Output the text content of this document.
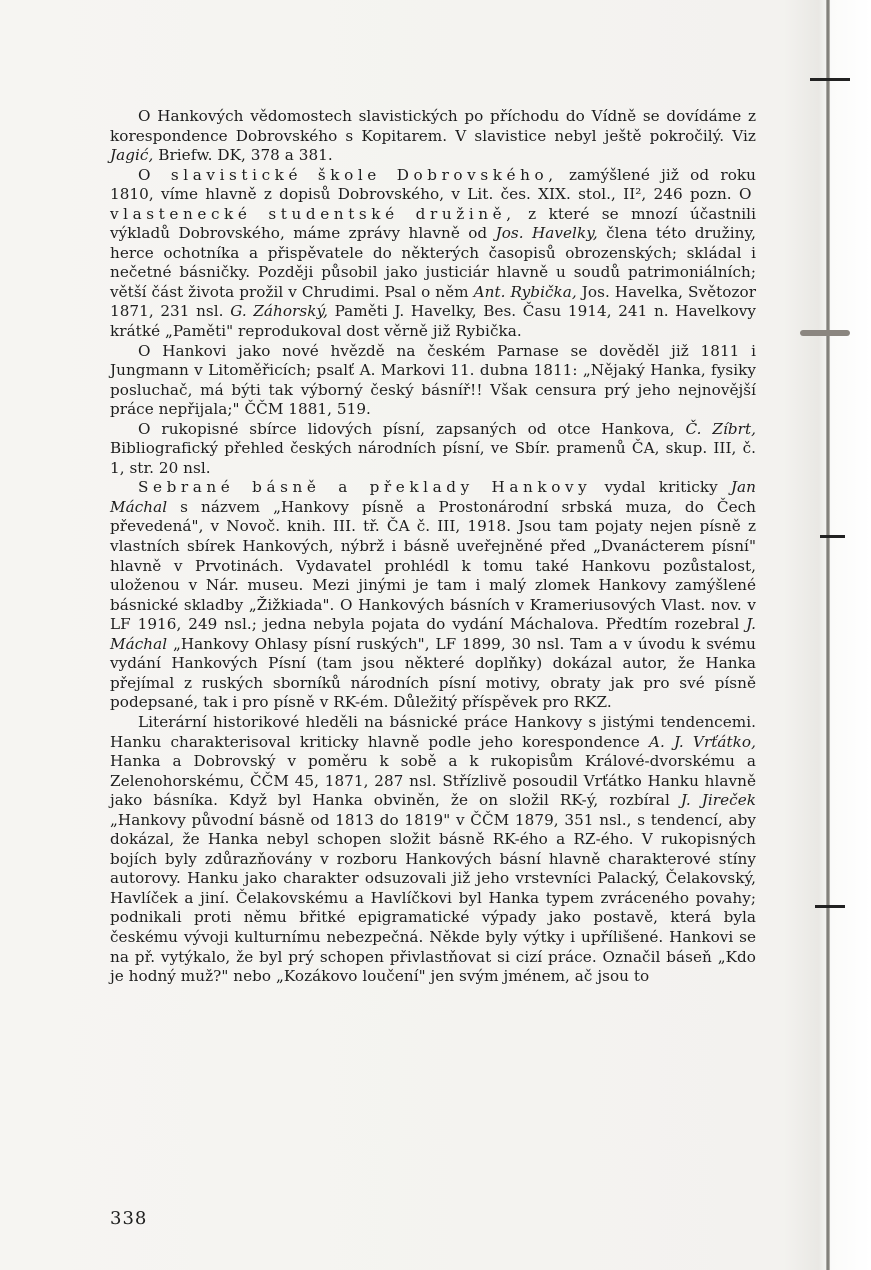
O Hankových vědomostech slavistických po příchodu do Vídně se dovídáme z korespondence Dobrovského s Kopitarem. V slavistice nebyl ještě pokročilý. Viz Jagić, Briefw. DK, 378 a 381.

O slavistické škole Dobrovského, zamýšlené již od roku 1810, víme hlavně z dopisů Dobrovského, v Lit. čes. XIX. stol., II², 246 pozn. O vlastenecké studentské družině, z které se mnozí účastnili výkladů Dobrovského, máme zprávy hlavně od Jos. Havelky, člena této družiny, herce ochotníka a přispěvatele do některých časopisů obrozenských; skládal i nečetné básničky. Později působil jako justiciár hlavně u soudů patrimoniálních; větší část života prožil v Chrudimi. Psal o něm Ant. Rybička, Jos. Havelka, Světozor 1871, 231 nsl. G. Záhorský, Paměti J. Havelky, Bes. Času 1914, 241 n. Havelkovy krátké „Paměti" reprodukoval dost věrně již Rybička.

O Hankovi jako nové hvězdě na českém Parnase se dověděl již 1811 i Jungmann v Litoměřicích; psalť A. Markovi 11. dubna 1811: „Nějaký Hanka, fysiky posluchač, má býti tak výborný český básníř!! Však censura prý jeho nejnovější práce nepřijala;" ČČM 1881, 519.

O rukopisné sbírce lidových písní, zapsaných od otce Hankova, Č. Zíbrt, Bibliografický přehled českých národních písní, ve Sbír. pramenů ČA, skup. III, č. 1, str. 20 nsl.

Sebrané básně a překlady Hankovy vydal kriticky Jan Máchal s názvem „Hankovy písně a Prostonárodní srbská muza, do Čech převedená", v Novoč. knih. III. tř. ČA č. III, 1918. Jsou tam pojaty nejen písně z vlastních sbírek Hankových, nýbrž i básně uveřejněné před „Dvanácterem písní" hlavně v Prvotinách. Vydavatel prohlédl k tomu také Hankovu pozůstalost, uloženou v Nár. museu. Mezi jinými je tam i malý zlomek Hankovy zamýšlené básnické skladby „Žižkiada". O Hankových básních v Krameriusových Vlast. nov. v LF 1916, 249 nsl.; jedna nebyla pojata do vydání Máchalova. Předtím rozebral J. Máchal „Hankovy Ohlasy písní ruských", LF 1899, 30 nsl. Tam a v úvodu k svému vydání Hankových Písní (tam jsou některé doplňky) dokázal autor, že Hanka přejímal z ruských sborníků národních písní motivy, obraty jak pro své písně podepsané, tak i pro písně v RK-ém. Důležitý příspěvek pro RKZ.

Literární historikové hleděli na básnické práce Hankovy s jistými tendencemi. Hanku charakterisoval kriticky hlavně podle jeho korespondence A. J. Vrťátko, Hanka a Dobrovský v poměru k sobě a k rukopisům Králové-dvorskému a Zelenohorskému, ČČM 45, 1871, 287 nsl. Střízlivě posoudil Vrťátko Hanku hlavně jako básníka. Když byl Hanka obviněn, že on složil RK-ý, rozbíral J. Jireček „Hankovy původní básně od 1813 do 1819" v ČČM 1879, 351 nsl., s tendencí, aby dokázal, že Hanka nebyl schopen složit básně RK-ého a RZ-ého. V rukopisných bojích byly zdůrazňovány v rozboru Hankových básní hlavně charakterové stíny autorovy. Hanku jako charakter odsuzovali již jeho vrstevníci Palacký, Čelakovský, Havlíček a jiní. Čelakovskému a Havlíčkovi byl Hanka typem zvráceného povahy; podnikali proti němu břitké epigramatické výpady jako postavě, která byla českému vývoji kulturnímu nebezpečná. Někde byly výtky i upřílišené. Hankovi se na př. vytýkalo, že byl prý schopen přivlastňovat si cizí práce. Označil báseň „Kdo je hodný muž?" nebo „Kozákovo loučení" jen svým jménem, ač jsou to

338
